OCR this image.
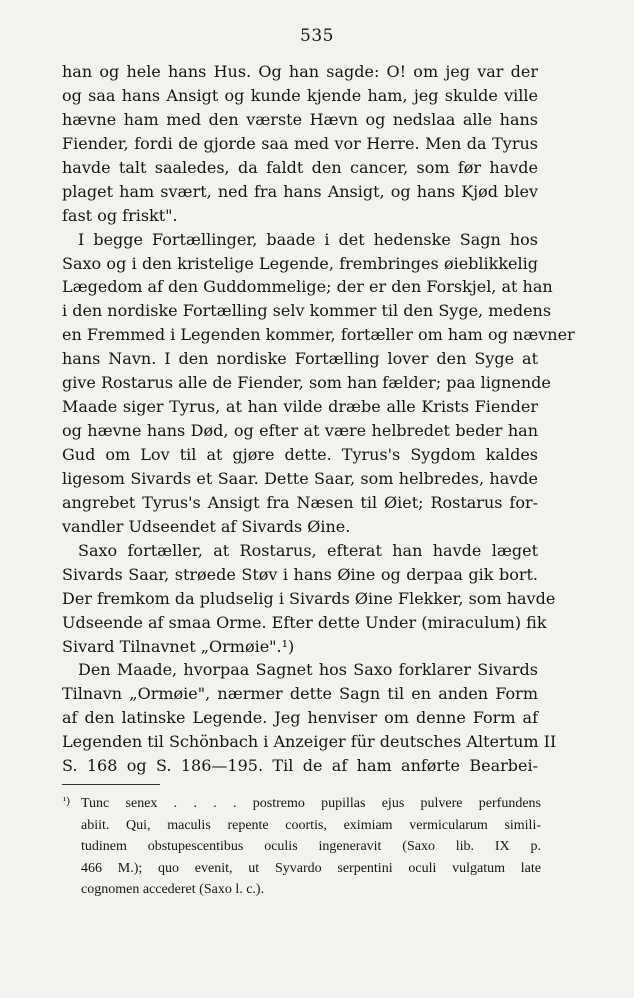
535
han og hele hans Hus. Og han sagde: O! om jeg var der
og saa hans Ansigt og kunde kjende ham, jeg skulde ville
hævne ham med den værste Hævn og nedslaa alle hans
Fiender, fordi de gjorde saa med vor Herre. Men da Tyrus
havde talt saaledes, da faldt den cancer, som før havde
plaget ham svært, ned fra hans Ansigt, og hans Kjød blev
fast og friskt".
I begge Fortællinger, baade i det hedenske Sagn hos
Saxo og i den kristelige Legende, frembringes øieblikkelig
Lægedom af den Guddommelige; der er den Forskjel, at han
i den nordiske Fortælling selv kommer til den Syge, medens
en Fremmed i Legenden kommer, fortæller om ham og nævner
hans Navn. I den nordiske Fortælling lover den Syge at
give Rostarus alle de Fiender, som han fælder; paa lignende
Maade siger Tyrus, at han vilde dræbe alle Krists Fiender
og hævne hans Død, og efter at være helbredet beder han
Gud om Lov til at gjøre dette. Tyrus's Sygdom kaldes
ligesom Sivards et Saar. Dette Saar, som helbredes, havde
angrebet Tyrus's Ansigt fra Næsen til Øiet; Rostarus for-
vandler Udseendet af Sivards Øine.
Saxo fortæller, at Rostarus, efterat han havde læget
Sivards Saar, strøede Støv i hans Øine og derpaa gik bort.
Der fremkom da pludselig i Sivards Øine Flekker, som havde
Udseende af smaa Orme. Efter dette Under (miraculum) fik
Sivard Tilnavnet „Ormøie".¹)
Den Maade, hvorpaa Sagnet hos Saxo forklarer Sivards
Tilnavn „Ormøie", nærmer dette Sagn til en anden Form
af den latinske Legende. Jeg henviser om denne Form af
Legenden til Schönbach i Anzeiger für deutsches Altertum II
S. 168 og S. 186—195. Til de af ham anførte Bearbei-
¹) Tunc senex . . . . postremo pupillas ejus pulvere perfundens
abiit. Qui, maculis repente coortis, eximiam vermicularum simili-
tudinem obstupescentibus oculis ingeneravit (Saxo lib. IX p.
466 M.); quo evenit, ut Syvardo serpentini oculi vulgatum late
cognomen accederet (Saxo l. c.).
